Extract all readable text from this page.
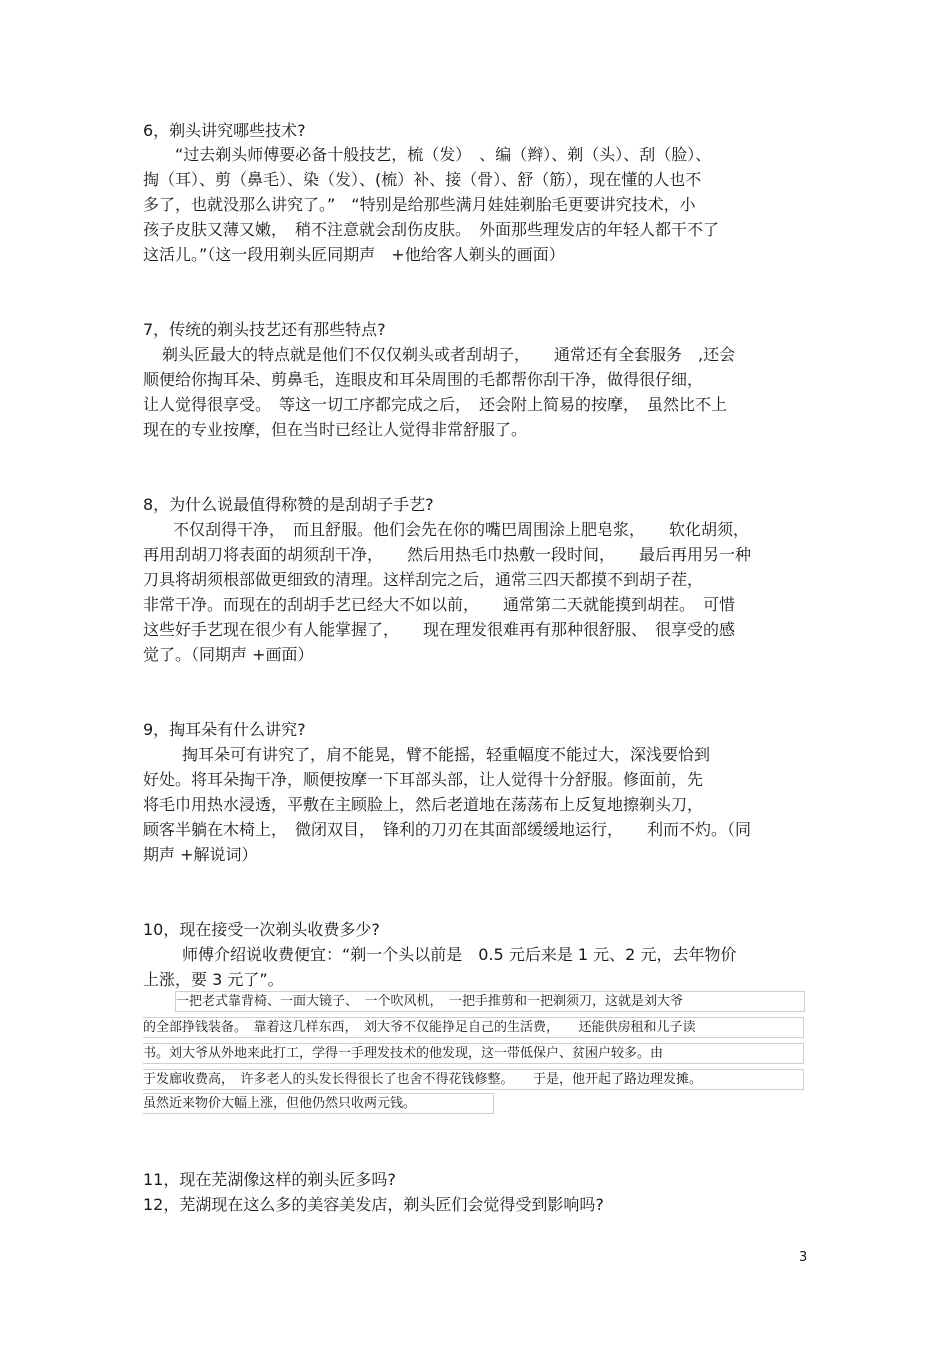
6，剃头讲究哪些技术?
“过去剃头师傅要必备十般技艺，梳（发）　、编（辫）、剃（头）、刮（脸）、
掏（耳）、剪（鼻毛）、染（发）、(梳）补、接（骨）、舒（筋），现在懂的人也不
多了，也就没那么讲究了。”　“特别是给那些满月娃娃剃胎毛更要讲究技术，小
孩子皮肤又薄又嫩，　稍不注意就会刮伤皮肤。　外面那些理发店的年轻人都干不了
这活儿。”（这一段用剃头匠同期声　+他给客人剃头的画面）
7，传统的剃头技艺还有那些特点?
剃头匠最大的特点就是他们不仅仅剃头或者刮胡子，　　通常还有全套服务　,还会
顺便给你掏耳朵、剪鼻毛，连眼皮和耳朵周围的毛都帮你刮干净，做得很仔细，
让人觉得很享受。　等这一切工序都完成之后，　还会附上简易的按摩，　虽然比不上
现在的专业按摩，但在当时已经让人觉得非常舒服了。
8，为什么说最值得称赞的是刮胡子手艺?
不仅刮得干净，　而且舒服。他们会先在你的嘴巴周围涂上肥皂浆，　　软化胡须，
再用刮胡刀将表面的胡须刮干净，　　然后用热毛巾热敷一段时间，　　最后再用另一种
刀具将胡须根部做更细致的清理。这样刮完之后，通常三四天都摸不到胡子茬，
非常干净。而现在的刮胡手艺已经大不如以前，　　通常第二天就能摸到胡茬。　可惜
这些好手艺现在很少有人能掌握了，　　现在理发很难再有那种很舒服、　很享受的感
觉了。（同期声 +画面）
9，掏耳朵有什么讲究?
掏耳朵可有讲究了，肩不能晃，臂不能摇，轻重幅度不能过大，深浅要恰到
好处。将耳朵掏干净，顺便按摩一下耳部头部，让人觉得十分舒服。修面前，先
将毛巾用热水浸透，平敷在主顾脸上，然后老道地在荡荡布上反复地擦剃头刀，
顾客半躺在木椅上，　微闭双目，　锋利的刀刃在其面部缓缓地运行，　　利而不灼。（同
期声 +解说词）
10，现在接受一次剃头收费多少?
师傅介绍说收费便宜：“剃一个头以前是　0.5 元后来是 1 元、2 元，去年物价
上涨，要 3 元了”。
一把老式靠背椅、一面大镜子、　一个吹风机，　一把手推剪和一把剃须刀，这就是刘大爷
的全部挣钱装备。　靠着这几样东西，　刘大爷不仅能挣足自己的生活费，　　还能供房租和儿子读
书。刘大爷从外地来此打工，学得一手理发技术的他发现，这一带低保户、贫困户较多。由
于发廊收费高，　许多老人的头发长得很长了也舍不得花钱修整。　　于是，他开起了路边理发摊。
虽然近来物价大幅上涨，但他仍然只收两元钱。
11，现在芜湖像这样的剃头匠多吗?
12，芜湖现在这么多的美容美发店，剃头匠们会觉得受到影响吗?
3
